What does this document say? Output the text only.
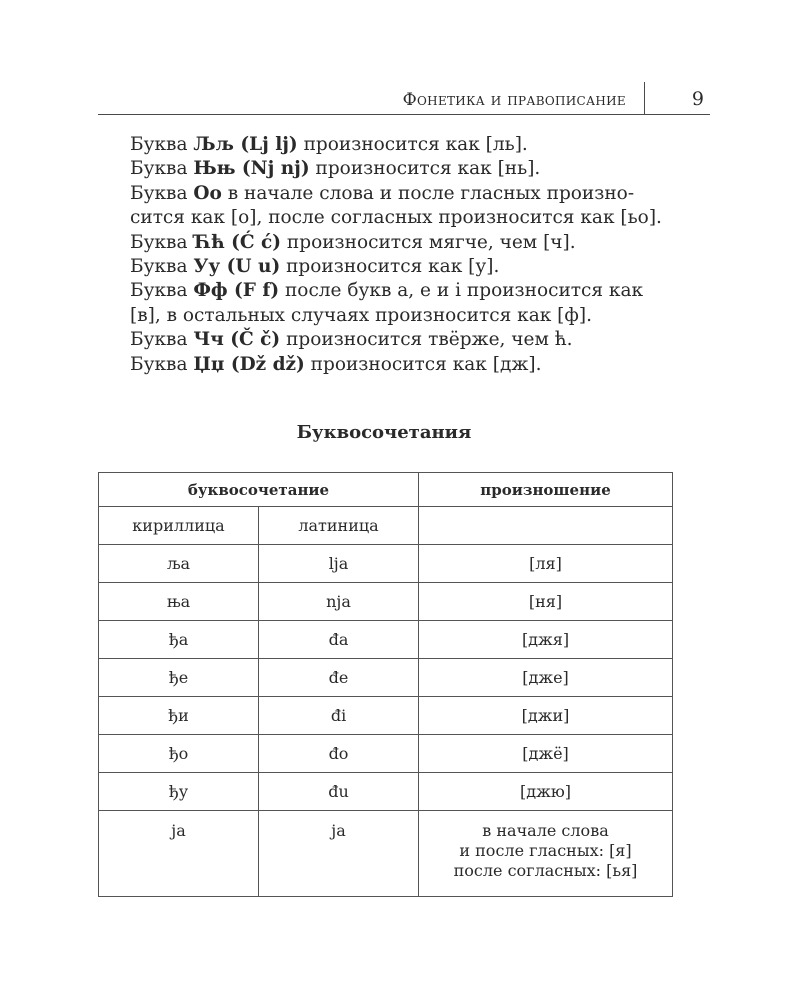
Фонетика и правописание	9
Буква Љљ (Lj lj) произносится как [ль].
Буква Њњ (Nj nj) произносится как [нь].
Буква Оо в начале слова и после гласных произно-
сится как [о], после согласных произносится как [ьо].
Буква Ћћ (Ć ć) произносится мягче, чем [ч].
Буква Уу (U u) произносится как [у].
Буква Фф (F f) после букв а, е и і произносится как
[в], в остальных случаях произносится как [ф].
Буква Чч (Č č) произносится твёрже, чем ћ.
Буква Џџ (Dž dž) произносится как [дж].
Буквосочетания
буквосочетание		произношение
кириллица	латиница	
ља	lja	[ля]
ња	nja	[ня]
ђа	đa	[джя]
ђе	đe	[дже]
ђи	đi	[джи]
ђо	đo	[джё]
ђу	đu	[джю]
ја	ja	в начале слова
и после гласных: [я]
после согласных: [ья]
